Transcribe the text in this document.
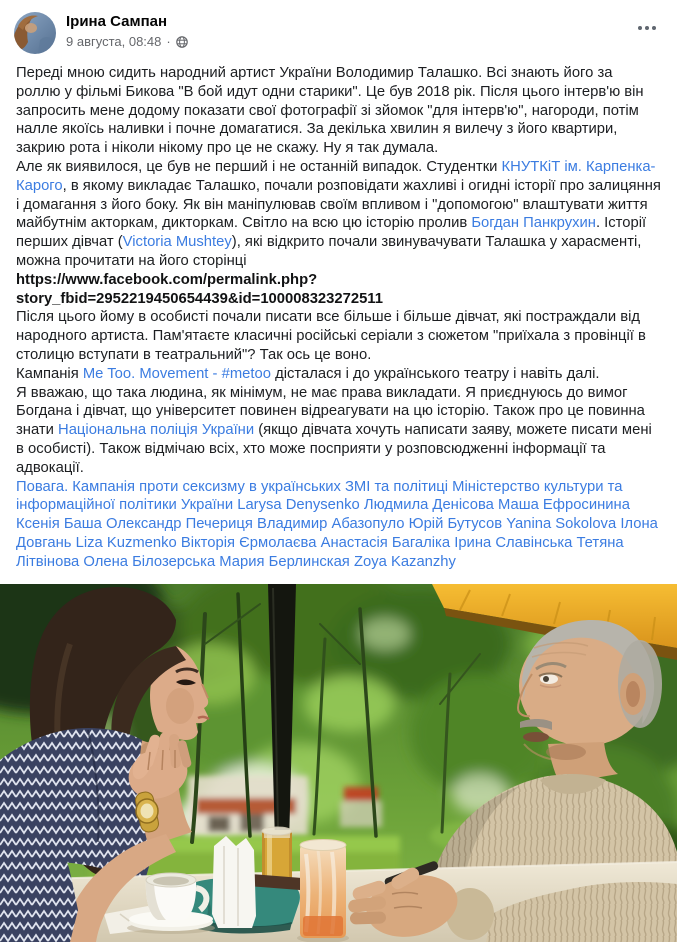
Ірина Сампан
9 августа, 08:48 ·
Переді мною сидить народний артист України Володимир Талашко. Всі знають його за роллю у фільмі Бикова "В бой идут одни старики". Це був 2018 рік. Після цього інтерв'ю він запросить мене додому показати свої фотографії зі зйомок "для інтерв'ю", нагороди, потім налле якоїсь наливки і почне домагатися. За декілька хвилин я вилечу з його квартири, закрию рота і ніколи нікому про це не скажу. Ну я так думала.
Але як виявилося, це був не перший і не останній випадок. Студентки КНУТКіТ ім. Карпенка-Карого, в якому викладає Талашко, почали розповідати жахливі і огидні історії про залицяння і домагання з його боку. Як він маніпулював своїм впливом і "допомогою" влаштувати життя майбутнім акторкам, дикторкам. Світло на всю цю історію пролив Богдан Панкрухин. Історії перших дівчат (Victoria Mushtey), які відкрито почали звинувачувати Талашка у харасменті, можна прочитати на його сторінці
https://www.facebook.com/permalink.php?story_fbid=2952219450654439&id=100008323272511
Після цього йому в особисті почали писати все більше і більше дівчат, які постраждали від народного артиста. Пам'ятаєте класичні російські серіали з сюжетом "приїхала з провінції в столицю вступати в театральний"? Так ось це воно.
Кампанія Me Too. Movement - #metoo дісталася і до українського театру і навіть далі.
Я вважаю, що така людина, як мінімум, не має права викладати. Я приєднуюсь до вимог Богдана і дівчат, що університет повинен відреагувати на цю історію. Також про це повинна знати Національна поліція України (якщо дівчата хочуть написати заяву, можете писати мені в особисті). Також відмічаю всіх, хто може посприяти у розповсюдженні інформації та адвокації.
Повага. Кампанія проти сексизму в українських ЗМІ та політиці Міністерство культури та інформаційної політики України Larysa Denysenko Людмила Денісова Маша Ефросинина Ксенія Баша Олександр Печериця Владимир Абазопуло Юрій Бутусов Yanina Sokolova Ілона Довгань Liza Kuzmenko Вікторія Єрмолаєва Анастасія Багаліка Ірина Славінська Тетяна Літвінова Олена Білозерська Мария Берлинская Zoya Kazanzhy
